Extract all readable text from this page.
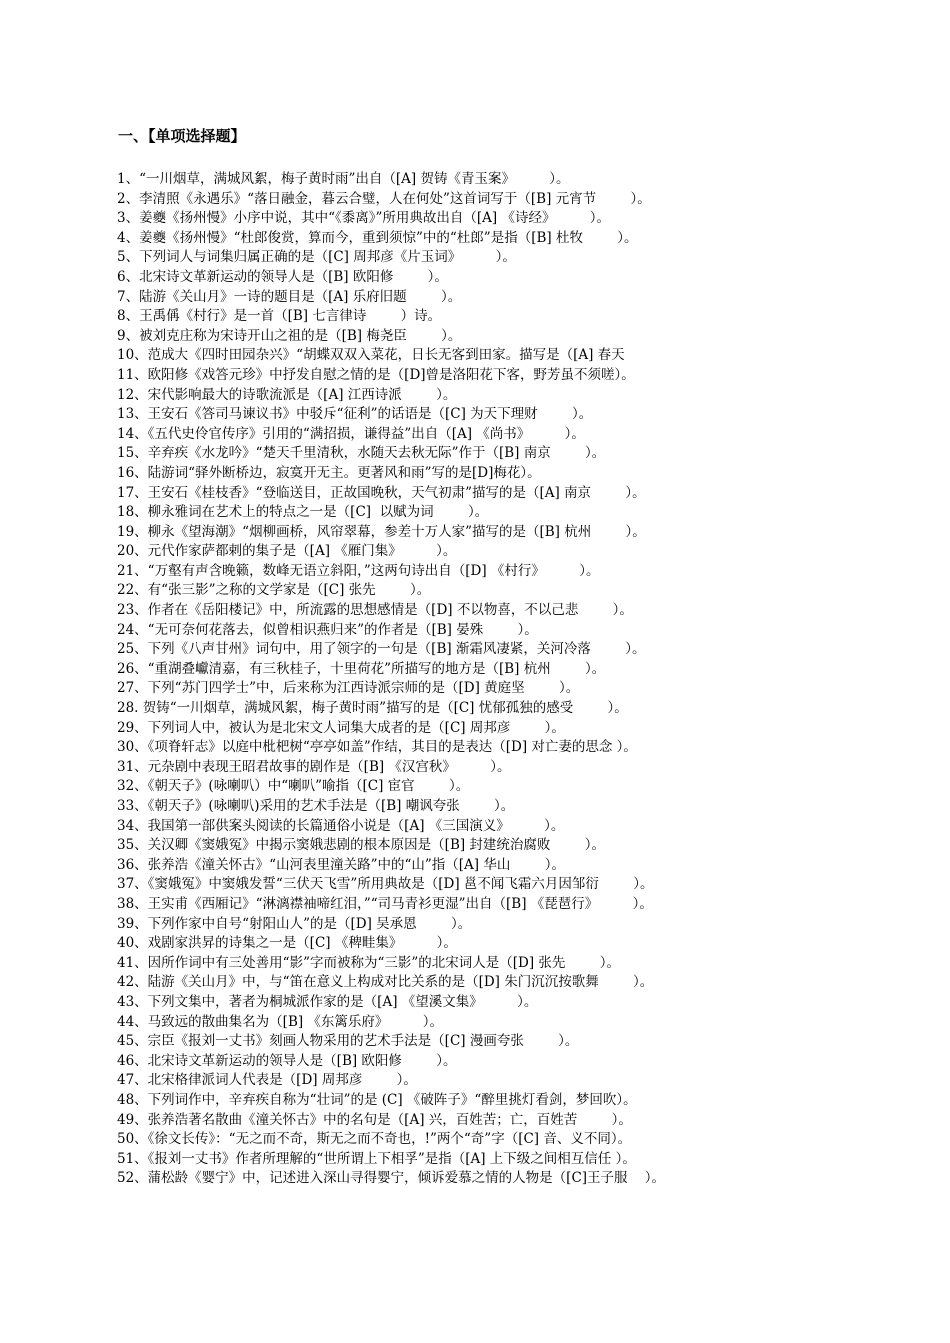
一、【单项选择题】
1、“一川烟草，满城风絮，梅子黄时雨”出自（[A] 贺铸《青玉案》        ）。
2、李清照《永遇乐》“落日融金，暮云合璧，人在何处”这首词写于（[B] 元宵节        ）。
3、姜夔《扬州慢》小序中说，其中“《黍离》”所用典故出自（[A] 《诗经》        ）。
4、姜夔《扬州慢》“杜郎俊赏，算而今，重到须惊”中的“杜郎”是指（[B] 杜牧        ）。
5、下列词人与词集归属正确的是（[C] 周邦彦《片玉词》        ）。
6、北宋诗文革新运动的领导人是（[B] 欧阳修        ）。
7、陆游《关山月》一诗的题目是（[A] 乐府旧题        ）。
8、王禹偁《村行》是一首（[B] 七言律诗        ）诗。
9、被刘克庄称为宋诗开山之祖的是（[B] 梅尧臣        ）。
10、范成大《四时田园杂兴》“胡蝶双双入菜花，日长无客到田家。描写是（[A] 春天
11、欧阳修《戏答元珍》中抒发自慰之情的是（[D]曾是洛阳花下客，野芳虽不须嗟）。
12、宋代影响最大的诗歌流派是（[A] 江西诗派        ）。
13、王安石《答司马谏议书》中驳斥“征利”的话语是（[C] 为天下理财        ）。
14、《五代史伶官传序》引用的“满招损，谦得益”出自（[A] 《尚书》        ）。
15、辛弃疾《水龙吟》“楚天千里清秋，水随天去秋无际”作于（[B] 南京        ）。
16、陆游词“驿外断桥边，寂寞开无主。更著风和雨”写的是[D]梅花）。
17、王安石《桂枝香》“登临送目，正故国晚秋，天气初肃”描写的是（[A] 南京        ）。
18、柳永雅词在艺术上的特点之一是（[C]  以赋为词        ）。
19、柳永《望海潮》“烟柳画桥，风帘翠幕，参差十万人家”描写的是（[B] 杭州        ）。
20、元代作家萨都剌的集子是（[A] 《雁门集》        ）。
21、“万壑有声含晚籁，数峰无语立斜阳，”这两句诗出自（[D] 《村行》        ）。
22、有“张三影”之称的文学家是（[C] 张先        ）。
23、作者在《岳阳楼记》中，所流露的思想感情是（[D] 不以物喜，不以己悲        ）。
24、“无可奈何花落去，似曾相识燕归来”的作者是（[B] 晏殊        ）。
25、下列《八声甘州》词句中，用了领字的一句是（[B] 渐霜风凄紧，关河冷落        ）。
26、“重湖叠巘清嘉，有三秋桂子，十里荷花”所描写的地方是（[B] 杭州        ）。
27、下列“苏门四学士”中，后来称为江西诗派宗师的是（[D] 黄庭坚        ）。
28. 贺铸“一川烟草，满城风絮，梅子黄时雨”描写的是（[C] 忧郁孤独的感受        ）。
29、下列词人中，被认为是北宋文人词集大成者的是（[C] 周邦彦        ）。
30、《项脊轩志》以庭中枇杷树“亭亭如盖”作结，其目的是表达（[D] 对亡妻的思念 ）。
31、元杂剧中表现王昭君故事的剧作是（[B] 《汉宫秋》        ）。
32、《朝天子》(咏喇叭）中“喇叭”喻指（[C] 宦官        ）。
33、《朝天子》(咏喇叭)采用的艺术手法是（[B] 嘲讽夸张        ）。
34、我国第一部供案头阅读的长篇通俗小说是（[A] 《三国演义》        ）。
35、关汉卿《窦娥冤》中揭示窦娥悲剧的根本原因是（[B] 封建统治腐败        ）。
36、张养浩《潼关怀古》“山河表里潼关路”中的“山”指（[A] 华山        ）。
37、《窦娥冤》中窦娥发誓“三伏天飞雪”所用典故是（[D] 邕不闻飞霜六月因邹衍        ）。
38、王实甫《西厢记》“淋漓襟袖啼红泪，”“司马青衫更湿”出自（[B] 《琵琶行》        ）。
39、下列作家中自号“射阳山人”的是（[D] 吴承恩        ）。
40、戏剧家洪昇的诗集之一是（[C] 《稗畦集》        ）。
41、因所作词中有三处善用“影”字而被称为“三影”的北宋词人是（[D] 张先        ）。
42、陆游《关山月》中，与“笛在意义上构成对比关系的是（[D] 朱门沉沉按歌舞        ）。
43、下列文集中，著者为桐城派作家的是（[A] 《望溪文集》        ）。
44、马致远的散曲集名为（[B] 《东篱乐府》        ）。
45、宗臣《报刘一丈书》刻画人物采用的艺术手法是（[C] 漫画夸张        ）。
46、北宋诗文革新运动的领导人是（[B] 欧阳修        ）。
47、北宋格律派词人代表是（[D] 周邦彦        ）。
48、下列词作中，辛弃疾自称为“壮词”的是 (C] 《破阵子》“醉里挑灯看剑，梦回吹）。
49、张养浩著名散曲《潼关怀古》中的名句是（[A] 兴，百姓苦；亡，百姓苦        ）。
50、《徐文长传》：“无之而不奇，斯无之而不奇也，!”两个“奇”字（[C] 音、义不同）。
51、《报刘一丈书》作者所理解的“世所谓上下相孚”是指（[A] 上下级之间相互信任 ）。
52、蒲松龄《婴宁》中，记述进入深山寻得婴宁，倾诉爱慕之情的人物是（[C]王子服    ）。
